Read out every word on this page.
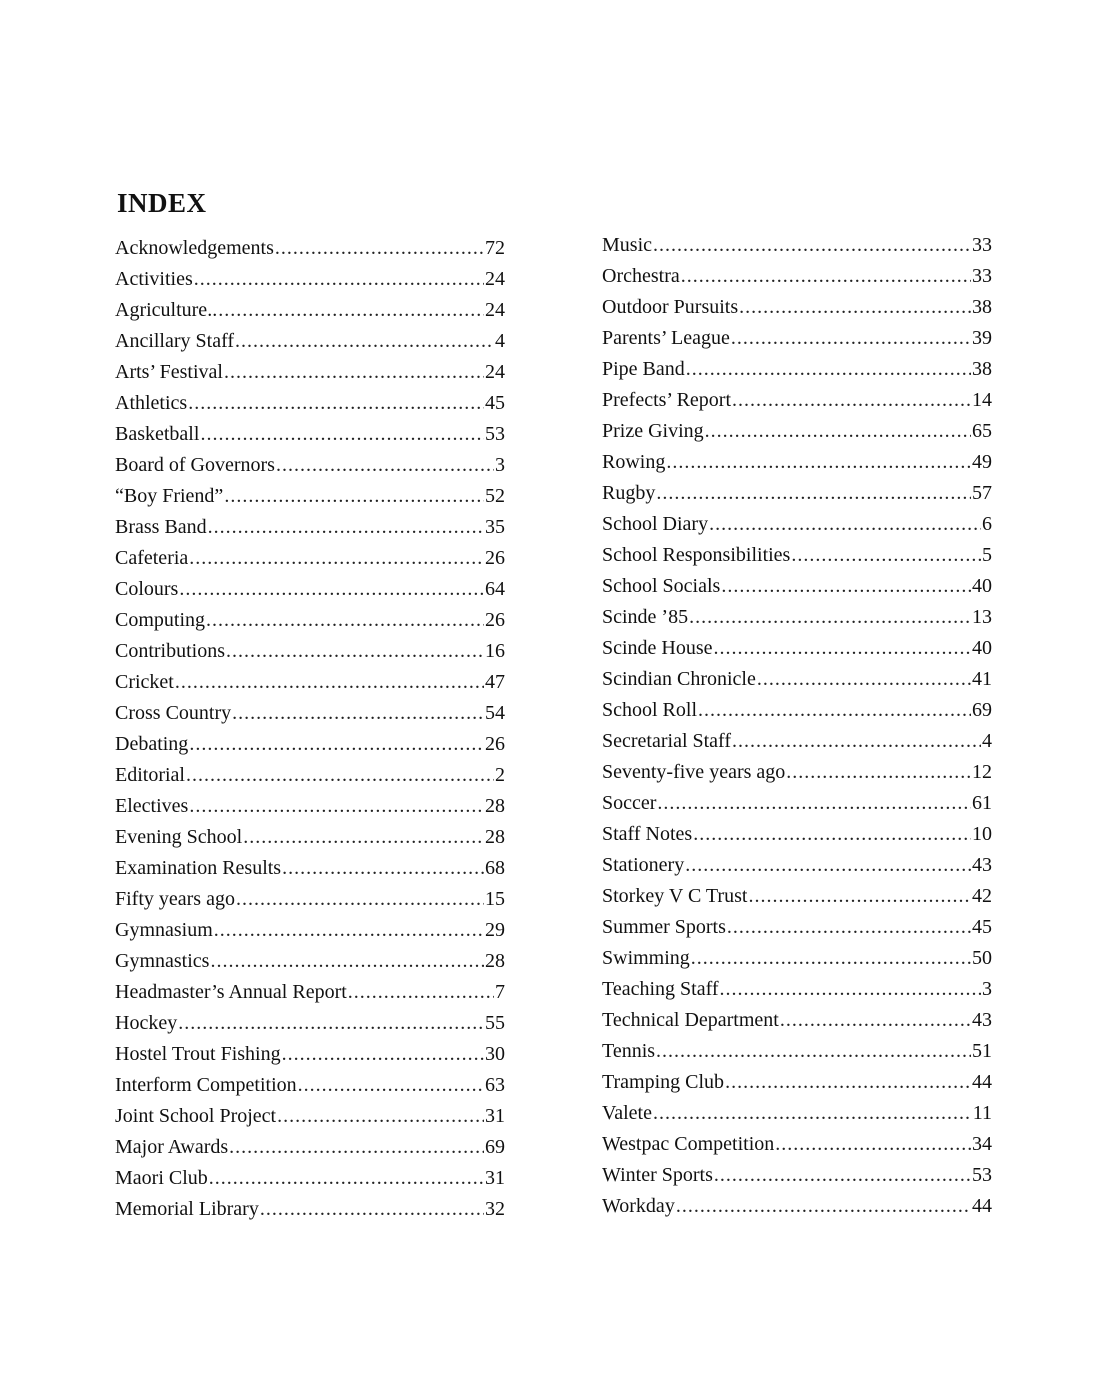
INDEX
Acknowledgements .....	72
Activities .....	24
Agriculture.. .....	24
Ancillary Staff .....	4
Arts’ Festival .....	24
Athletics .....	45
Basketball .....	53
Board of Governors .....	3
“Boy Friend” .....	52
Brass Band .....	35
Cafeteria .....	26
Colours .....	64
Computing .....	26
Contributions .....	16
Cricket .....	47
Cross Country .....	54
Debating .....	26
Editorial .....	2
Electives .....	28
Evening School .....	28
Examination Results .....	68
Fifty years ago .....	15
Gymnasium .....	29
Gymnastics .....	28
Headmaster’s Annual Report .....	7
Hockey .....	55
Hostel Trout Fishing .....	30
Interform Competition .....	63
Joint School Project .....	31
Major Awards .....	69
Maori Club .....	31
Memorial Library .....	32
Music .....	33
Orchestra .....	33
Outdoor Pursuits .....	38
Parents’ League .....	39
Pipe Band .....	38
Prefects’ Report .....	14
Prize Giving .....	65
Rowing .....	49
Rugby .....	57
School Diary .....	6
School Responsibilities .....	5
School Socials .....	40
Scinde ’85 .....	13
Scinde House .....	40
Scindian Chronicle .....	41
School Roll .....	69
Secretarial Staff .....	4
Seventy-five years ago .....	12
Soccer .....	61
Staff Notes .....	10
Stationery .....	43
Storkey V C Trust .....	42
Summer Sports .....	45
Swimming .....	50
Teaching Staff .....	3
Technical Department .....	43
Tennis .....	51
Tramping Club .....	44
Valete .....	11
Westpac Competition .....	34
Winter Sports .....	53
Workday .....	44
